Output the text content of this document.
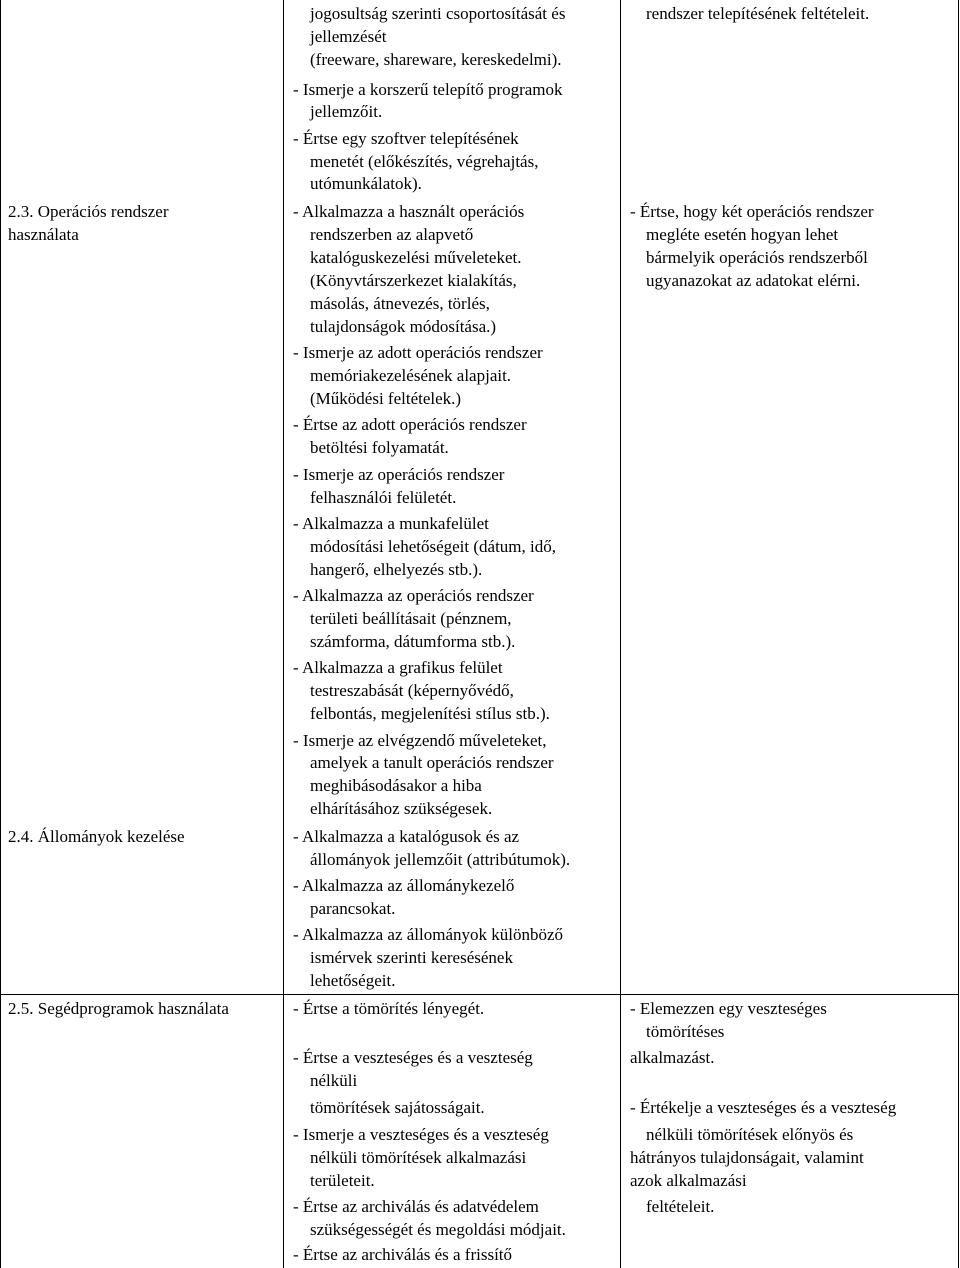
2.3. Operációs rendszer
használata
2.4. Állományok kezelése
2.5. Segédprogramok használata
jogosultság szerinti csoportosítását és
jellemzését
(freeware, shareware, kereskedelmi).
- Ismerje a korszerű telepítő programok
jellemzőit.
- Értse egy szoftver telepítésének
menetét (előkészítés, végrehajtás,
utómunkálatok).
- Alkalmazza a használt operációs
rendszerben az alapvető
katalóguskezelési műveleteket.
(Könyvtárszerkezet kialakítás,
másolás, átnevezés, törlés,
tulajdonságok módosítása.)
- Ismerje az adott operációs rendszer
memóriakezelésének alapjait.
(Működési feltételek.)
- Értse az adott operációs rendszer
betöltési folyamatát.
- Ismerje az operációs rendszer
felhasználói felületét.
- Alkalmazza a munkafelület
módosítási lehetőségeit (dátum, idő,
hangerő, elhelyezés stb.).
- Alkalmazza az operációs rendszer
területi beállításait (pénznem,
számforma, dátumforma stb.).
- Alkalmazza a grafikus felület
testreszabását (képernyővédő,
felbontás, megjelenítési stílus stb.).
- Ismerje az elvégzendő műveleteket,
amelyek a tanult operációs rendszer
meghibásodásakor a hiba
elhárításához szükségesek.
- Alkalmazza a katalógusok és az
állományok jellemzőit (attribútumok).
- Alkalmazza az állománykezelő
parancsokat.
- Alkalmazza az állományok különböző
ismérvek szerinti keresésének
lehetőségeit.
- Értse a tömörítés lényegét.
- Értse a veszteséges és a veszteség
nélküli
tömörítések sajátosságait.
- Ismerje a veszteséges és a veszteség
nélküli tömörítések alkalmazási
területeit.
- Értse az archiválás és adatvédelem
szükségességét és megoldási módjait.
- Értse az archiválás és a frissítő
rendszer telepítésének feltételeit.
- Értse, hogy két operációs rendszer
megléte esetén hogyan lehet
bármelyik operációs rendszerből
ugyanazokat az adatokat elérni.
- Elemezzen egy veszteséges
tömörítéses
alkalmazást.
- Értékelje a veszteséges és a veszteség
nélküli tömörítések előnyös és
hátrányos tulajdonságait, valamint
azok alkalmazási
feltételeit.
